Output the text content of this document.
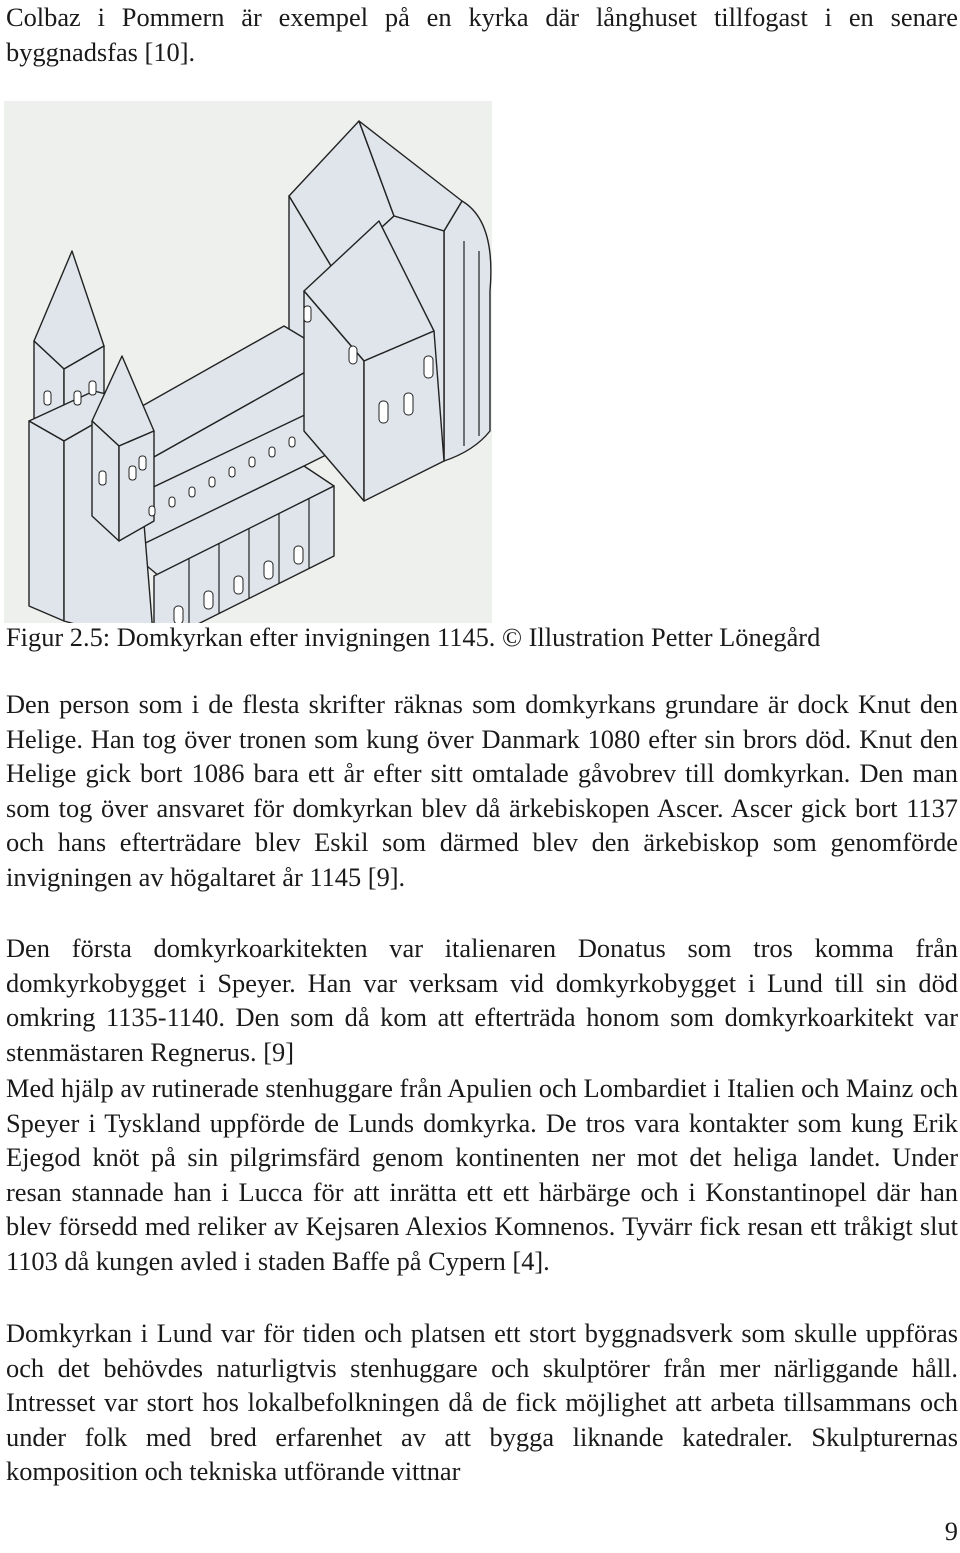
Colbaz i Pommern är exempel på en kyrka där långhuset tillfogast i en senare byggnadsfas [10].

Figur 2.5: Domkyrkan efter invigningen 1145. © Illustration Petter Lönegård

Den person som i de flesta skrifter räknas som domkyrkans grundare är dock Knut den Helige. Han tog över tronen som kung över Danmark 1080 efter sin brors död. Knut den Helige gick bort 1086 bara ett år efter sitt omtalade gåvobrev till domkyrkan. Den man som tog över ansvaret för domkyrkan blev då ärkebiskopen Ascer. Ascer gick bort 1137 och hans efterträdare blev Eskil som därmed blev den ärkebiskop som genomförde invigningen av högaltaret år 1145 [9].

Den första domkyrkoarkitekten var italienaren Donatus som tros komma från domkyrkobygget i Speyer. Han var verksam vid domkyrkobygget i Lund till sin död omkring 1135-1140. Den som då kom att efterträda honom som domkyrkoarkitekt var stenmästaren Regnerus. [9]

Med hjälp av rutinerade stenhuggare från Apulien och Lombardiet i Italien och Mainz och Speyer i Tyskland uppförde de Lunds domkyrka. De tros vara kontakter som kung Erik Ejegod knöt på sin pilgrimsfärd genom kontinenten ner mot det heliga landet. Under resan stannade han i Lucca för att inrätta ett ett härbärge och i Konstantinopel där han blev försedd med reliker av Kejsaren Alexios Komnenos. Tyvärr fick resan ett tråkigt slut 1103 då kungen avled i staden Baffe på Cypern [4].

Domkyrkan i Lund var för tiden och platsen ett stort byggnadsverk som skulle uppföras och det behövdes naturligtvis stenhuggare och skulptörer från mer närliggande håll. Intresset var stort hos lokalbefolkningen då de fick möjlighet att arbeta tillsammans och under folk med bred erfarenhet av att bygga liknande katedraler. Skulpturernas komposition och tekniska utförande vittnar

9
